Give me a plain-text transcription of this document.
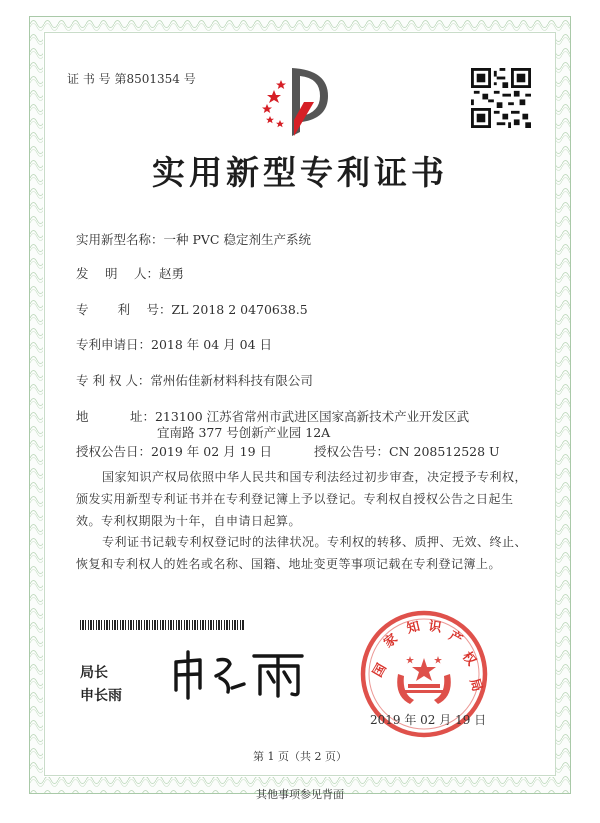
证 书 号 第8501354 号
实用新型专利证书
实用新型名称：一种 PVC 稳定剂生产系统
发　 明　 人：赵勇
专　　 利　 号：ZL 2018 2 0470638.5
专利申请日：2018 年 04 月 04 日
专 利 权 人：常州佑佳新材料科技有限公司
地　　　 址：213100 江苏省常州市武进区国家高新技术产业开发区武
宜南路 377 号创新产业园 12A
授权公告日：2019 年 02 月 19 日	授权公告号：CN 208512528 U
国家知识产权局依照中华人民共和国专利法经过初步审查，决定授予专利权，颁发实用新型专利证书并在专利登记簿上予以登记。专利权自授权公告之日起生效。专利权期限为十年，自申请日起算。
专利证书记载专利权登记时的法律状况。专利权的转移、质押、无效、终止、恢复和专利权人的姓名或名称、国籍、地址变更等事项记载在专利登记簿上。
局长
申长雨
国
家
知 识
产
权
局
2019 年 02 月 19 日
第 1 页（共 2 页）
其他事项参见背面
